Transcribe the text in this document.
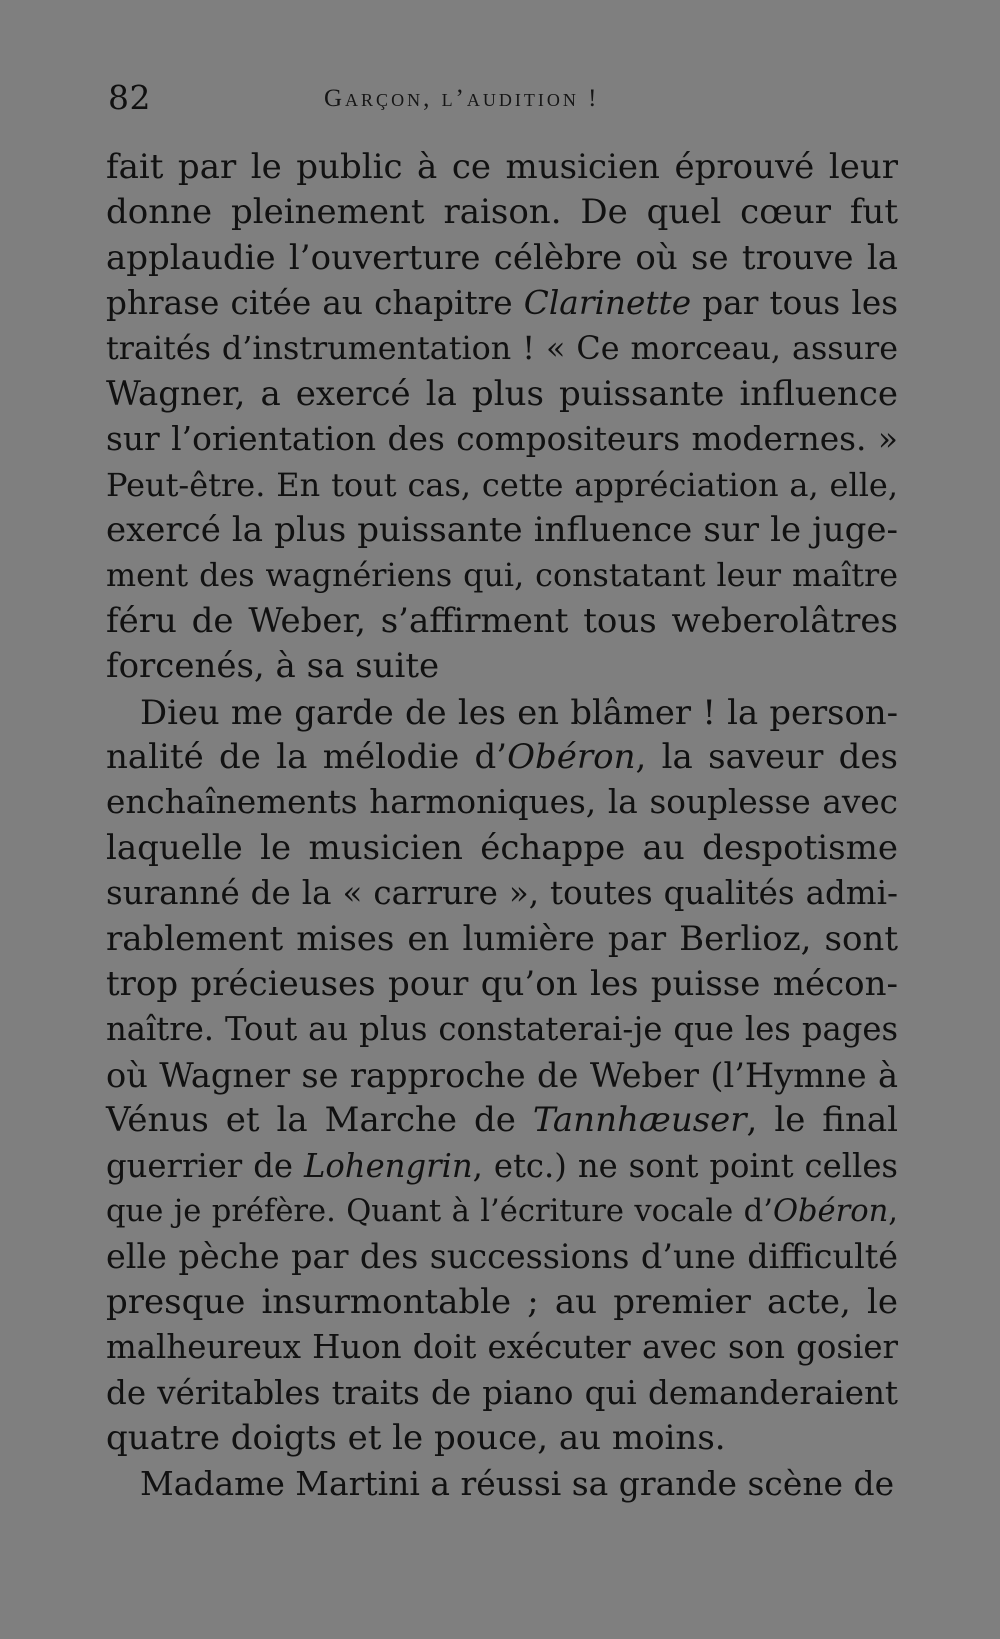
82	Garçon, l’audition !
fait par le public à ce musicien éprouvé leur
donne pleinement raison. De quel cœur fut
applaudie l’ouverture célèbre où se trouve la
phrase citée au chapitre Clarinette par tous les
traités d’instrumentation ! « Ce morceau, assure
Wagner, a exercé la plus puissante influence
sur l’orientation des compositeurs modernes. »
Peut-être. En tout cas, cette appréciation a, elle,
exercé la plus puissante influence sur le juge-
ment des wagnériens qui, constatant leur maître
féru de Weber, s’affirment tous weberolâtres
forcenés, à sa suite
Dieu me garde de les en blâmer ! la person-
nalité de la mélodie d’Obéron, la saveur des
enchaînements harmoniques, la souplesse avec
laquelle le musicien échappe au despotisme
suranné de la « carrure », toutes qualités admi-
rablement mises en lumière par Berlioz, sont
trop précieuses pour qu’on les puisse mécon-
naître. Tout au plus constaterai-je que les pages
où Wagner se rapproche de Weber (l’Hymne à
Vénus et la Marche de Tannhæuser, le final
guerrier de Lohengrin, etc.) ne sont point celles
que je préfère. Quant à l’écriture vocale d’Obéron,
elle pèche par des successions d’une difficulté
presque insurmontable ; au premier acte, le
malheureux Huon doit exécuter avec son gosier
de véritables traits de piano qui demanderaient
quatre doigts et le pouce, au moins.
Madame Martini a réussi sa grande scène de
